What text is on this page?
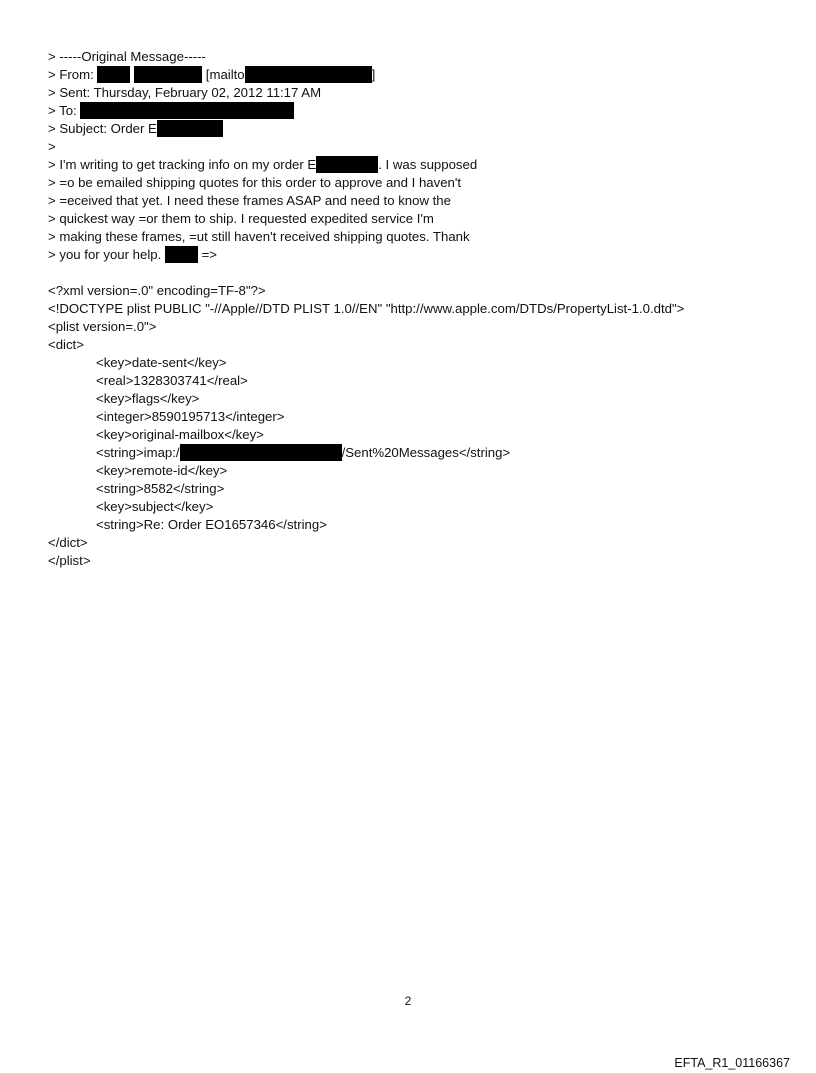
> -----Original Message-----
> From:	[mailto	]
> Sent: Thursday, February 02, 2012 11:17 AM
> To:
> Subject: Order E
>
> I'm writing to get tracking info on my order E	. I was supposed
> =o be emailed shipping quotes for this order to approve and I haven't
> =eceived that yet. I need these frames ASAP and need to know the
> quickest way =or them to ship. I requested expedited service I'm
> making these frames, =ut still haven't received shipping quotes. Thank
> you for your help.	=>
<?xml version=.0" encoding=TF-8"?>
<!DOCTYPE plist PUBLIC "-//Apple//DTD PLIST 1.0//EN" "http://www.apple.com/DTDs/PropertyList-1.0.dtd">
<plist version=.0">
<dict>
<key>date-sent</key>
<real>1328303741</real>
<key>flags</key>
<integer>8590195713</integer>
<key>original-mailbox</key>
<string>imap:/	/Sent%20Messages</string>
<key>remote-id</key>
<string>8582</string>
<key>subject</key>
<string>Re: Order EO1657346</string>
</dict>
</plist>
2
EFTA_R1_01166367
